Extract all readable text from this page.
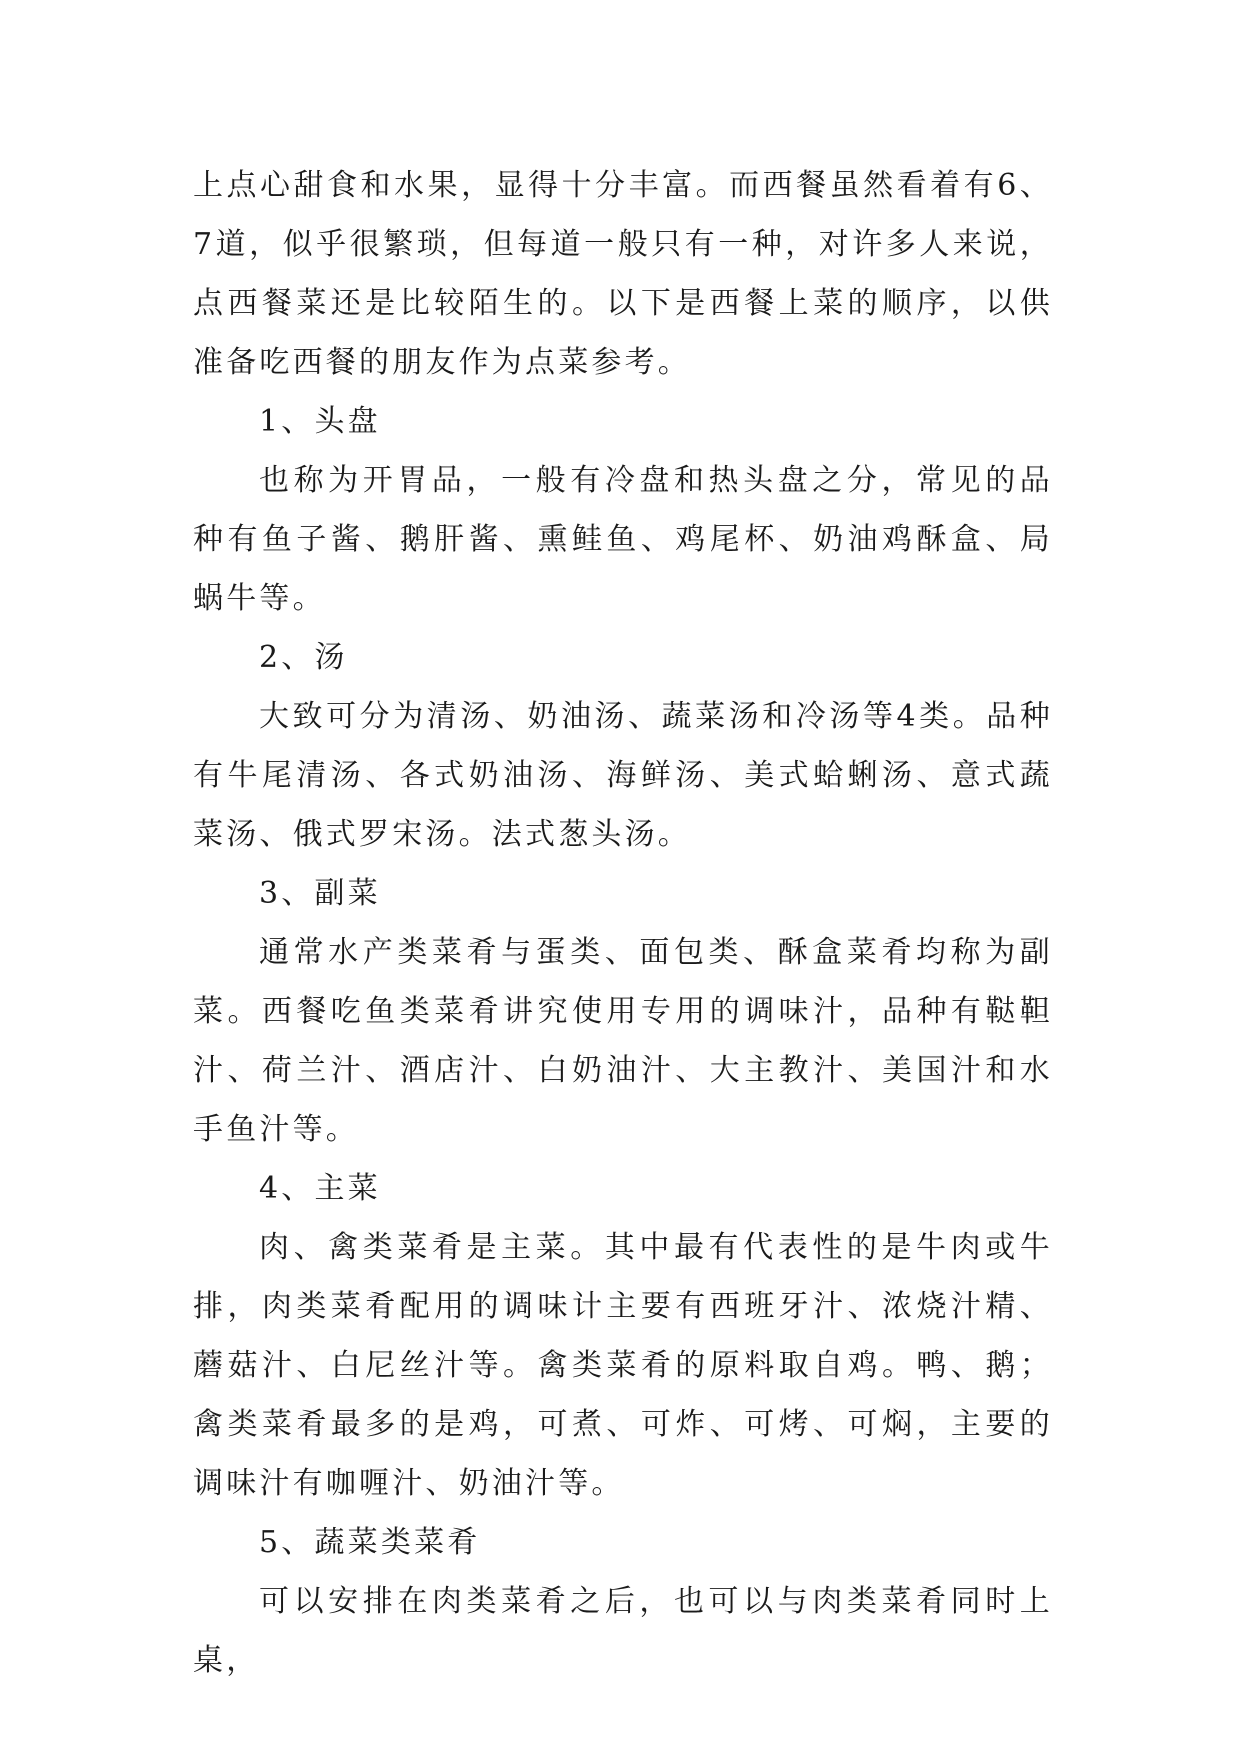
上点心甜食和水果，显得十分丰富。而西餐虽然看着有6、7道，似乎很繁琐，但每道一般只有一种，对许多人来说，点西餐菜还是比较陌生的。以下是西餐上菜的顺序，以供准备吃西餐的朋友作为点菜参考。

1、头盘

也称为开胃品，一般有冷盘和热头盘之分，常见的品种有鱼子酱、鹅肝酱、熏鲑鱼、鸡尾杯、奶油鸡酥盒、局蜗牛等。

2、汤

大致可分为清汤、奶油汤、蔬菜汤和冷汤等4类。品种有牛尾清汤、各式奶油汤、海鲜汤、美式蛤蜊汤、意式蔬菜汤、俄式罗宋汤。法式葱头汤。

3、副菜

通常水产类菜肴与蛋类、面包类、酥盒菜肴均称为副菜。西餐吃鱼类菜肴讲究使用专用的调味汁，品种有鞑靼汁、荷兰汁、酒店汁、白奶油汁、大主教汁、美国汁和水手鱼汁等。

4、主菜

肉、禽类菜肴是主菜。其中最有代表性的是牛肉或牛排，肉类菜肴配用的调味计主要有西班牙汁、浓烧汁精、蘑菇汁、白尼丝汁等。禽类菜肴的原料取自鸡。鸭、鹅；禽类菜肴最多的是鸡，可煮、可炸、可烤、可焖，主要的调味汁有咖喱汁、奶油汁等。

5、蔬菜类菜肴

可以安排在肉类菜肴之后，也可以与肉类菜肴同时上桌，
